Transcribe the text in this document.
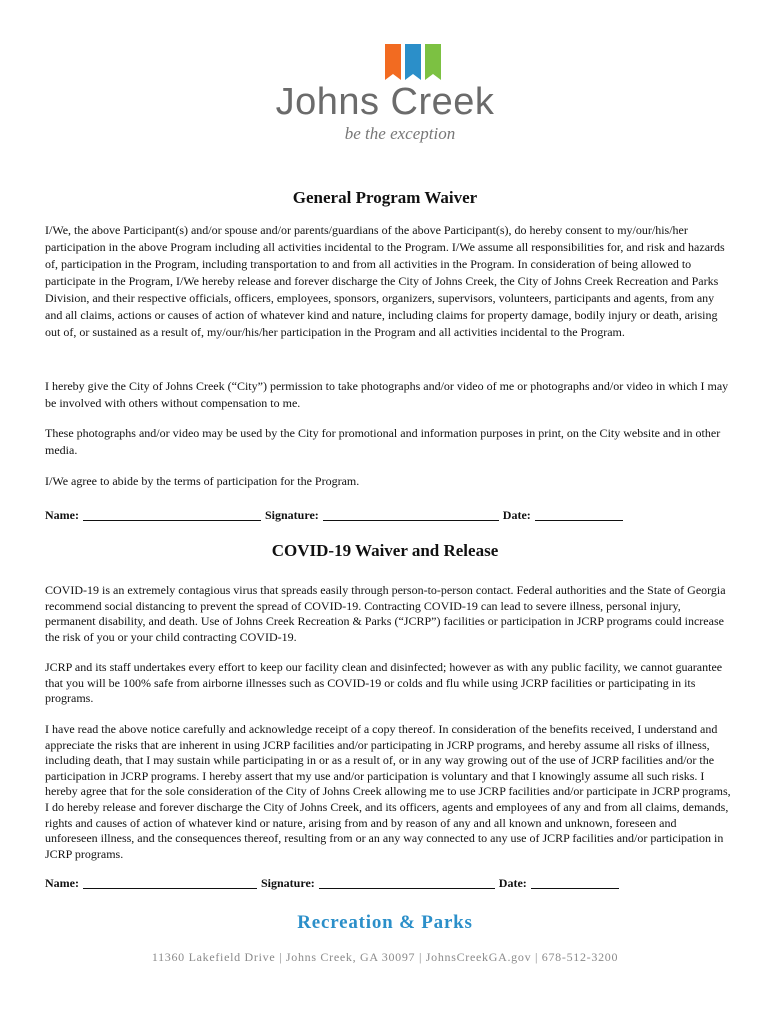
Johns Creek
be the exception
General Program Waiver

I/We, the above Participant(s) and/or spouse and/or parents/guardians of the above Participant(s), do hereby consent to my/our/his/her participation in the above Program including all activities incidental to the Program. I/We assume all responsibilities for, and risk and hazards of, participation in the Program, including transportation to and from all activities in the Program. In consideration of being allowed to participate in the Program, I/We hereby release and forever discharge the City of Johns Creek, the City of Johns Creek Recreation and Parks Division, and their respective officials, officers, employees, sponsors, organizers, supervisors, volunteers, participants and agents, from any and all claims, actions or causes of action of whatever kind and nature, including claims for property damage, bodily injury or death, arising out of, or sustained as a result of, my/our/his/her participation in the Program and all activities incidental to the Program.

I hereby give the City of Johns Creek (“City”) permission to take photographs and/or video of me or photographs and/or video in which I may be involved with others without compensation to me.

These photographs and/or video may be used by the City for promotional and information purposes in print, on the City website and in other media.

I/We agree to abide by the terms of participation for the Program.

Name:	Signature:	Date:
COVID-19 Waiver and Release

COVID-19 is an extremely contagious virus that spreads easily through person-to-person contact. Federal authorities and the State of Georgia recommend social distancing to prevent the spread of COVID-19. Contracting COVID-19 can lead to severe illness, personal injury, permanent disability, and death. Use of Johns Creek Recreation & Parks (“JCRP”) facilities or participation in JCRP programs could increase the risk of you or your child contracting COVID-19.

JCRP and its staff undertakes every effort to keep our facility clean and disinfected; however as with any public facility, we cannot guarantee that you will be 100% safe from airborne illnesses such as COVID-19 or colds and flu while using JCRP facilities or participating in its programs.

I have read the above notice carefully and acknowledge receipt of a copy thereof. In consideration of the benefits received, I understand and appreciate the risks that are inherent in using JCRP facilities and/or participating in JCRP programs, and hereby assume all risks of illness, including death, that I may sustain while participating in or as a result of, or in any way growing out of the use of JCRP facilities and/or the participation in JCRP programs. I hereby assert that my use and/or participation is voluntary and that I knowingly assume all such risks. I hereby agree that for the sole consideration of the City of Johns Creek allowing me to use JCRP facilities and/or participate in JCRP programs, I do hereby release and forever discharge the City of Johns Creek, and its officers, agents and employees of any and from all claims, demands, rights and causes of action of whatever kind or nature, arising from and by reason of any and all known and unknown, foreseen and unforeseen illness, and the consequences thereof, resulting from or an any way connected to any use of JCRP facilities and/or participation in JCRP programs.

Name:	Signature:	Date:
Recreation & Parks
11360 Lakefield Drive | Johns Creek, GA 30097 | JohnsCreekGA.gov | 678-512-3200
